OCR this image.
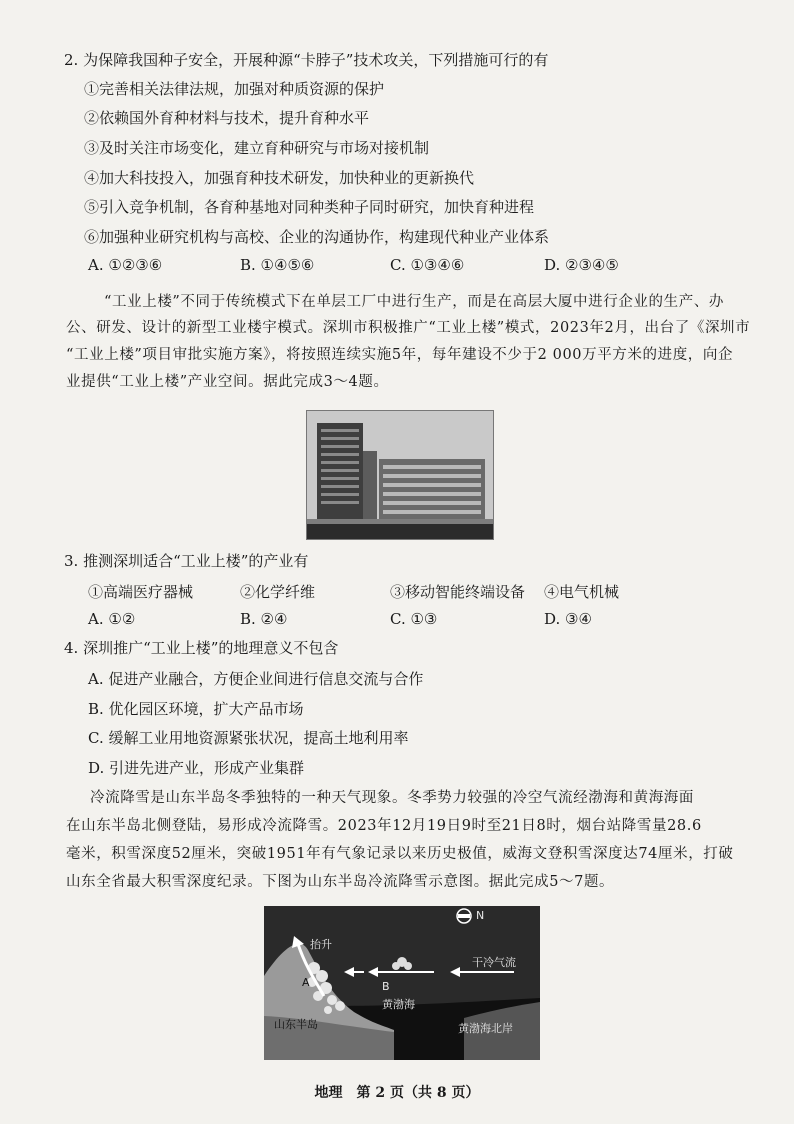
2. 为保障我国种子安全，开展种源“卡脖子”技术攻关，下列措施可行的有
①完善相关法律法规，加强对种质资源的保护
②依赖国外育种材料与技术，提升育种水平
③及时关注市场变化，建立育种研究与市场对接机制
④加大科技投入，加强育种技术研发，加快种业的更新换代
⑤引入竞争机制，各育种基地对同种类种子同时研究，加快育种进程
⑥加强种业研究机构与高校、企业的沟通协作，构建现代种业产业体系
A. ①②③⑥	B. ①④⑤⑥	C. ①③④⑥	D. ②③④⑤
“工业上楼”不同于传统模式下在单层工厂中进行生产，而是在高层大厦中进行企业的生产、办
公、研发、设计的新型工业楼宇模式。深圳市积极推广“工业上楼”模式，2023年2月，出台了《深圳市
“工业上楼”项目审批实施方案》，将按照连续实施5年，每年建设不少于2 000万平方米的进度，向企
业提供“工业上楼”产业空间。据此完成3～4题。
3. 推测深圳适合“工业上楼”的产业有
①高端医疗器械	②化学纤维	③移动智能终端设备 ④电气机械
A. ①②	B. ②④	C. ①③	D. ③④
4. 深圳推广“工业上楼”的地理意义不包含
A. 促进产业融合，方便企业间进行信息交流与合作
B. 优化园区环境，扩大产品市场
C. 缓解工业用地资源紧张状况，提高土地利用率
D. 引进先进产业，形成产业集群
冷流降雪是山东半岛冬季独特的一种天气现象。冬季势力较强的冷空气流经渤海和黄海海面
在山东半岛北侧登陆，易形成冷流降雪。2023年12月19日9时至21日8时，烟台站降雪量28.6
毫米，积雪深度52厘米，突破1951年有气象记录以来历史极值，威海文登积雪深度达74厘米，打破
山东全省最大积雪深度纪录。下图为山东半岛冷流降雪示意图。据此完成5～7题。
N
抬升
干冷气流
A	B
黄渤海
山东半岛	黄渤海北岸
地理　第 2 页（共 8 页）
